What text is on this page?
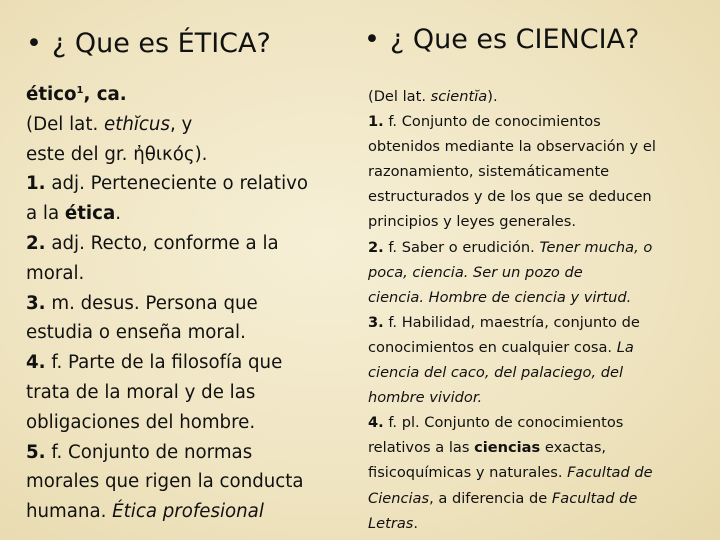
• ¿ Que es ÉTICA?
ético$^1$, ca.
(Del lat. ethĭcus, y
este del gr. ἠθικός).
1. adj. Perteneciente o relativo
a la ética.
2. adj. Recto, conforme a la
moral.
3. m. desus. Persona que
estudia o enseña moral.
4. f. Parte de la filosofía que
trata de la moral y de las
obligaciones del hombre.
5. f. Conjunto de normas
morales que rigen la conducta
humana. Ética profesional
• ¿ Que es CIENCIA?
(Del lat. scientĭa).
1. f. Conjunto de conocimientos
obtenidos mediante la observación y el
razonamiento, sistemáticamente
estructurados y de los que se deducen
principios y leyes generales.
2. f. Saber o erudición. Tener mucha, o
poca, ciencia. Ser un pozo de
ciencia. Hombre de ciencia y virtud.
3. f. Habilidad, maestría, conjunto de
conocimientos en cualquier cosa. La
ciencia del caco, del palaciego, del
hombre vividor.
4. f. pl. Conjunto de conocimientos
relativos a las ciencias exactas,
fisicoquímicas y naturales. Facultad de
Ciencias, a diferencia de Facultad de
Letras.
